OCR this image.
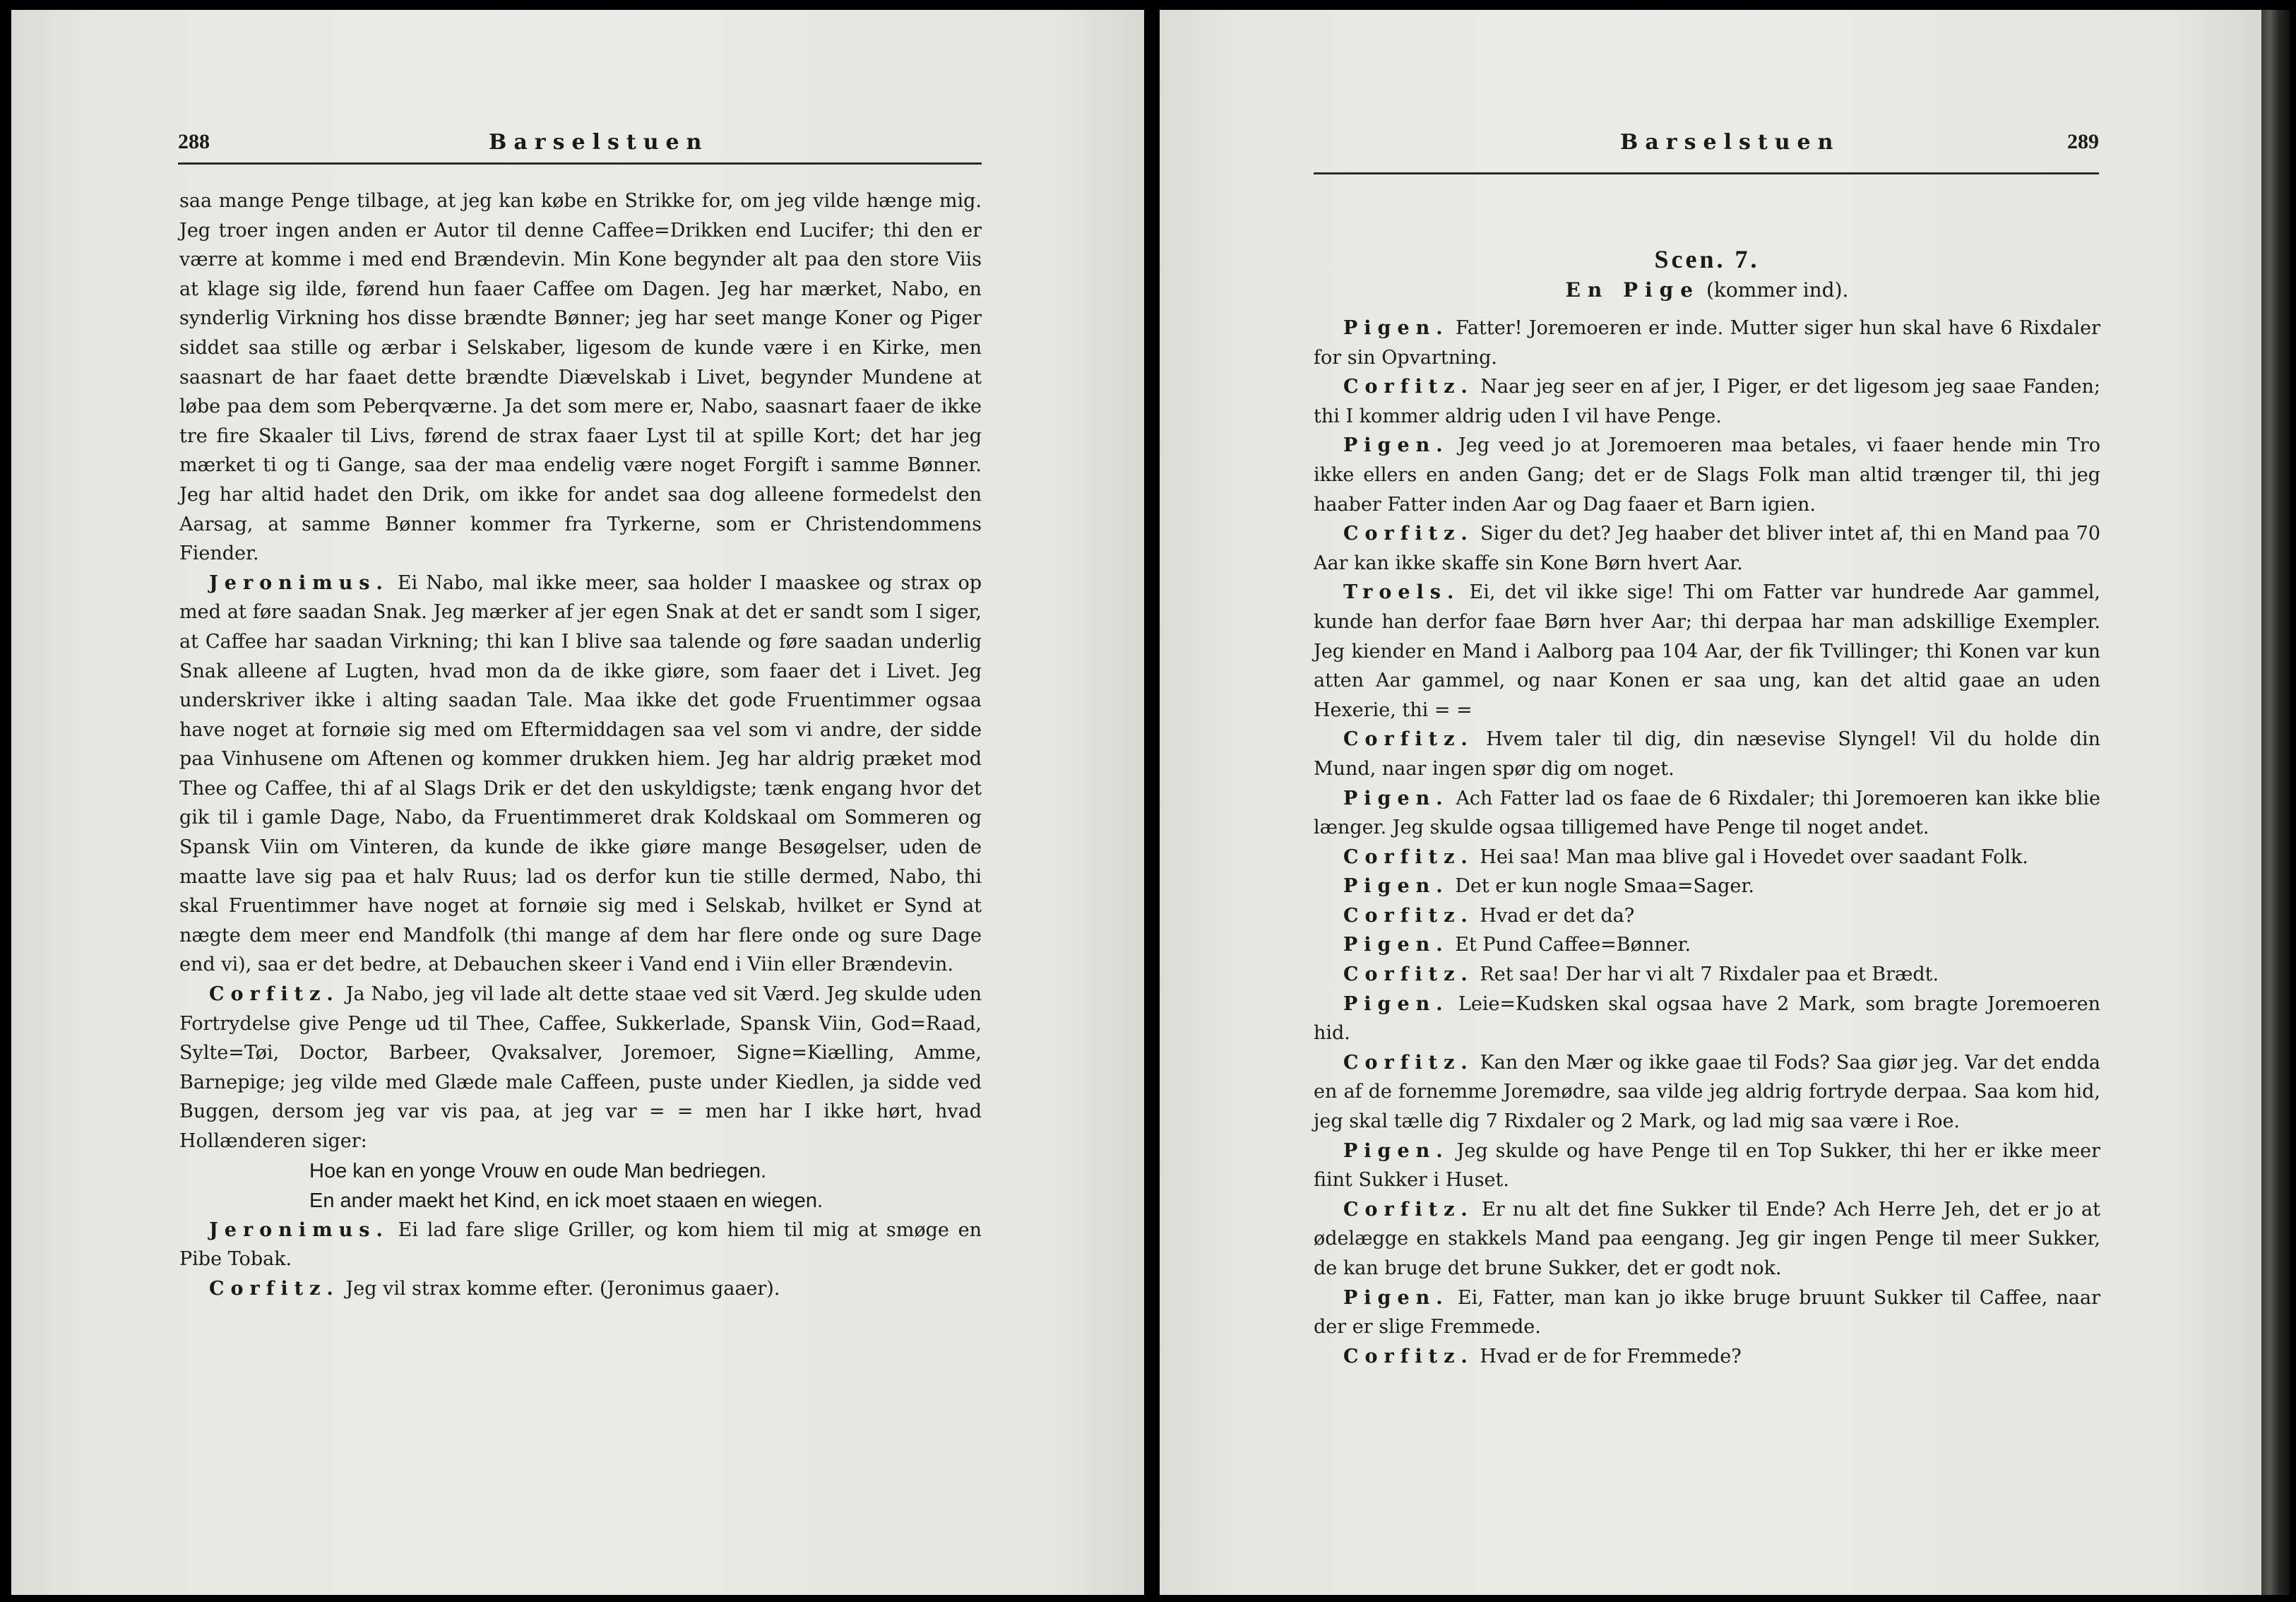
288	Barselstuen

saa mange Penge tilbage, at jeg kan købe en Strikke for, om jeg vilde hænge mig. Jeg troer ingen anden er Autor til denne Caffee=Drikken end Lucifer; thi den er værre at komme i med end Brændevin. Min Kone begynder alt paa den store Viis at klage sig ilde, førend hun faaer Caffee om Dagen. Jeg har mærket, Nabo, en synderlig Virkning hos disse brændte Bønner; jeg har seet mange Koner og Piger siddet saa stille og ærbar i Selskaber, ligesom de kunde være i en Kirke, men saasnart de har faaet dette brændte Diævelskab i Livet, begynder Mundene at løbe paa dem som Peberqværne. Ja det som mere er, Nabo, saasnart faaer de ikke tre fire Skaaler til Livs, førend de strax faaer Lyst til at spille Kort; det har jeg mærket ti og ti Gange, saa der maa endelig være noget Forgift i samme Bønner. Jeg har altid hadet den Drik, om ikke for andet saa dog alleene formedelst den Aarsag, at samme Bønner kommer fra Tyrkerne, som er Christendommens Fiender.

Jeronimus. Ei Nabo, mal ikke meer, saa holder I maaskee og strax op med at føre saadan Snak. Jeg mærker af jer egen Snak at det er sandt som I siger, at Caffee har saadan Virkning; thi kan I blive saa talende og føre saadan underlig Snak alleene af Lugten, hvad mon da de ikke giøre, som faaer det i Livet. Jeg underskriver ikke i alting saadan Tale. Maa ikke det gode Fruentimmer ogsaa have noget at fornøie sig med om Eftermiddagen saa vel som vi andre, der sidde paa Vinhusene om Aftenen og kommer drukken hiem. Jeg har aldrig præket mod Thee og Caffee, thi af al Slags Drik er det den uskyldigste; tænk engang hvor det gik til i gamle Dage, Nabo, da Fruentimmeret drak Koldskaal om Sommeren og Spansk Viin om Vinteren, da kunde de ikke giøre mange Besøgelser, uden de maatte lave sig paa et halv Ruus; lad os derfor kun tie stille dermed, Nabo, thi skal Fruentimmer have noget at fornøie sig med i Selskab, hvilket er Synd at nægte dem meer end Mandfolk (thi mange af dem har flere onde og sure Dage end vi), saa er det bedre, at Debauchen skeer i Vand end i Viin eller Brændevin.

Corfitz. Ja Nabo, jeg vil lade alt dette staae ved sit Værd. Jeg skulde uden Fortrydelse give Penge ud til Thee, Caffee, Sukkerlade, Spansk Viin, God=Raad, Sylte=Tøi, Doctor, Barbeer, Qvaksalver, Joremoer, Signe=Kiælling, Amme, Barnepige; jeg vilde med Glæde male Caffeen, puste under Kiedlen, ja sidde ved Buggen, dersom jeg var vis paa, at jeg var = = men har I ikke hørt, hvad Hollænderen siger:

Hoe kan en yonge Vrouw en oude Man bedriegen.

En ander maekt het Kind, en ick moet staaen en wiegen.

Jeronimus. Ei lad fare slige Griller, og kom hiem til mig at smøge en Pibe Tobak.

Corfitz. Jeg vil strax komme efter. (Jeronimus gaaer).

Barselstuen	289
Scen. 7.
En Pige (kommer ind).

Pigen. Fatter! Joremoeren er inde. Mutter siger hun skal have 6 Rixdaler for sin Opvartning.

Corfitz. Naar jeg seer en af jer, I Piger, er det ligesom jeg saae Fanden; thi I kommer aldrig uden I vil have Penge.

Pigen. Jeg veed jo at Joremoeren maa betales, vi faaer hende min Tro ikke ellers en anden Gang; det er de Slags Folk man altid trænger til, thi jeg haaber Fatter inden Aar og Dag faaer et Barn igien.

Corfitz. Siger du det? Jeg haaber det bliver intet af, thi en Mand paa 70 Aar kan ikke skaffe sin Kone Børn hvert Aar.

Troels. Ei, det vil ikke sige! Thi om Fatter var hundrede Aar gammel, kunde han derfor faae Børn hver Aar; thi derpaa har man adskillige Exempler. Jeg kiender en Mand i Aalborg paa 104 Aar, der fik Tvillinger; thi Konen var kun atten Aar gammel, og naar Konen er saa ung, kan det altid gaae an uden Hexerie, thi = =

Corfitz. Hvem taler til dig, din næsevise Slyngel! Vil du holde din Mund, naar ingen spør dig om noget.

Pigen. Ach Fatter lad os faae de 6 Rixdaler; thi Joremoeren kan ikke blie længer. Jeg skulde ogsaa tilligemed have Penge til noget andet.

Corfitz. Hei saa! Man maa blive gal i Hovedet over saadant Folk.

Pigen. Det er kun nogle Smaa=Sager.

Corfitz. Hvad er det da?

Pigen. Et Pund Caffee=Bønner.

Corfitz. Ret saa! Der har vi alt 7 Rixdaler paa et Brædt.

Pigen. Leie=Kudsken skal ogsaa have 2 Mark, som bragte Joremoeren hid.

Corfitz. Kan den Mær og ikke gaae til Fods? Saa giør jeg. Var det endda en af de fornemme Joremødre, saa vilde jeg aldrig fortryde derpaa. Saa kom hid, jeg skal tælle dig 7 Rixdaler og 2 Mark, og lad mig saa være i Roe.

Pigen. Jeg skulde og have Penge til en Top Sukker, thi her er ikke meer fiint Sukker i Huset.

Corfitz. Er nu alt det fine Sukker til Ende? Ach Herre Jeh, det er jo at ødelægge en stakkels Mand paa eengang. Jeg gir ingen Penge til meer Sukker, de kan bruge det brune Sukker, det er godt nok.

Pigen. Ei, Fatter, man kan jo ikke bruge bruunt Sukker til Caffee, naar der er slige Fremmede.

Corfitz. Hvad er de for Fremmede?
